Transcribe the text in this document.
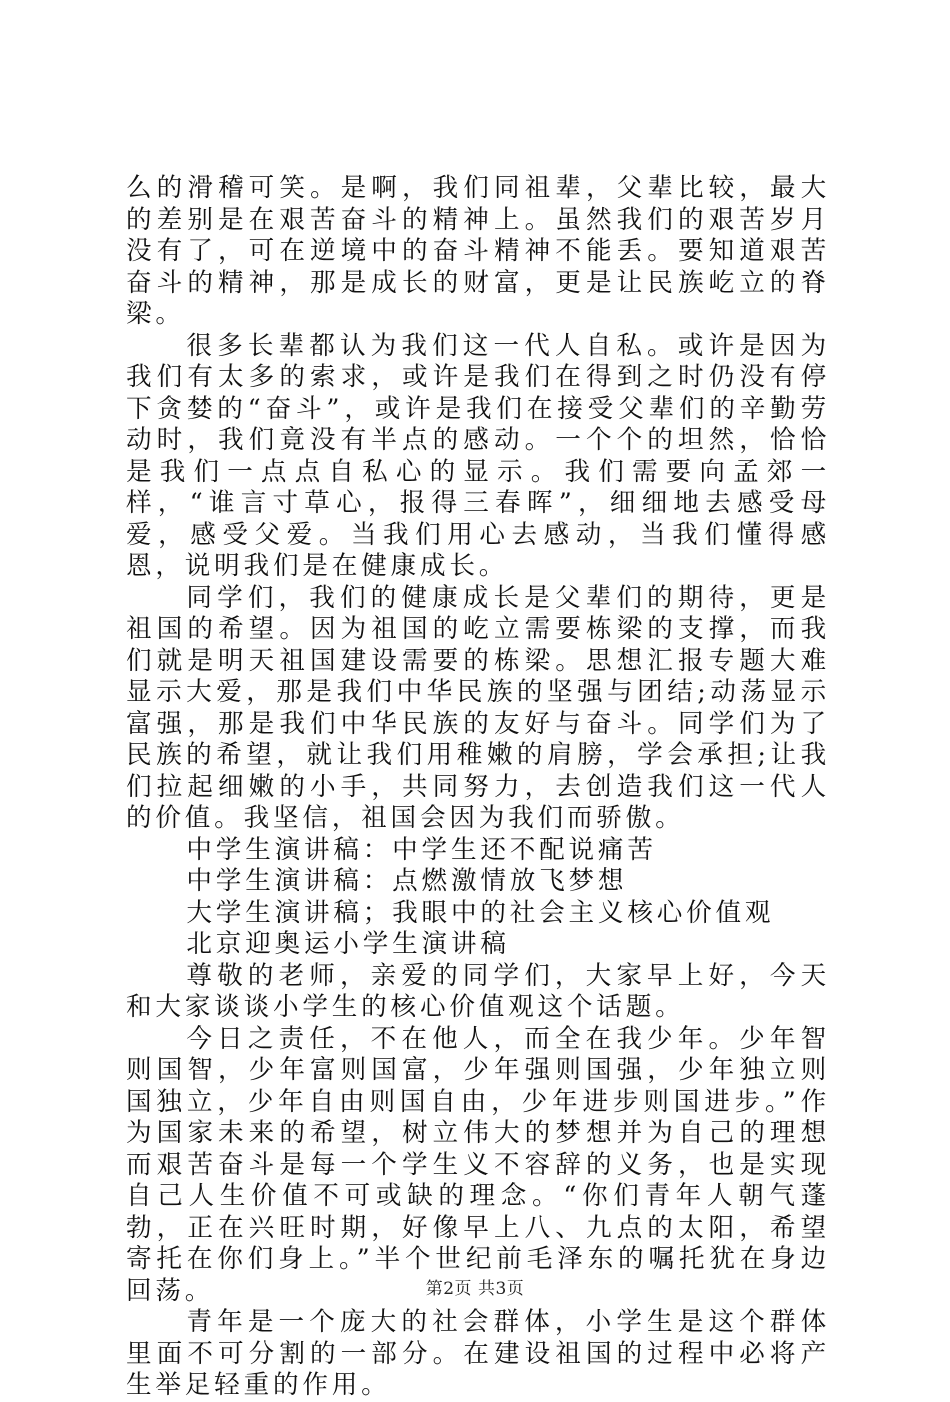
么的滑稽可笑。是啊，我们同祖辈，父辈比较，最大的差别是在艰苦奋斗的精神上。虽然我们的艰苦岁月没有了，可在逆境中的奋斗精神不能丢。要知道艰苦奋斗的精神，那是成长的财富，更是让民族屹立的脊梁。

很多长辈都认为我们这一代人自私。或许是因为我们有太多的索求，或许是我们在得到之时仍没有停下贪婪的“奋斗”，或许是我们在接受父辈们的辛勤劳动时，我们竟没有半点的感动。一个个的坦然，恰恰是我们一点点自私心的显示。我们需要向孟郊一样，“谁言寸草心，报得三春晖”，细细地去感受母爱，感受父爱。当我们用心去感动，当我们懂得感恩，说明我们是在健康成长。

同学们，我们的健康成长是父辈们的期待，更是祖国的希望。因为祖国的屹立需要栋梁的支撑，而我们就是明天祖国建设需要的栋梁。思想汇报专题大难显示大爱，那是我们中华民族的坚强与团结;动荡显示富强，那是我们中华民族的友好与奋斗。同学们为了民族的希望，就让我们用稚嫩的肩膀，学会承担;让我们拉起细嫩的小手，共同努力，去创造我们这一代人的价值。我坚信，祖国会因为我们而骄傲。

中学生演讲稿：中学生还不配说痛苦

中学生演讲稿：点燃激情放飞梦想

大学生演讲稿；我眼中的社会主义核心价值观

北京迎奥运小学生演讲稿

尊敬的老师，亲爱的同学们，大家早上好，今天和大家谈谈小学生的核心价值观这个话题。

今日之责任，不在他人，而全在我少年。少年智则国智，少年富则国富，少年强则国强，少年独立则国独立，少年自由则国自由，少年进步则国进步。”作为国家未来的希望，树立伟大的梦想并为自己的理想而艰苦奋斗是每一个学生义不容辞的义务，也是实现自己人生价值不可或缺的理念。“你们青年人朝气蓬勃，正在兴旺时期，好像早上八、九点的太阳，希望寄托在你们身上。”半个世纪前毛泽东的嘱托犹在身边回荡。

青年是一个庞大的社会群体，小学生是这个群体里面不可分割的一部分。在建设祖国的过程中必将产生举足轻重的作用。

第2页 共3页
